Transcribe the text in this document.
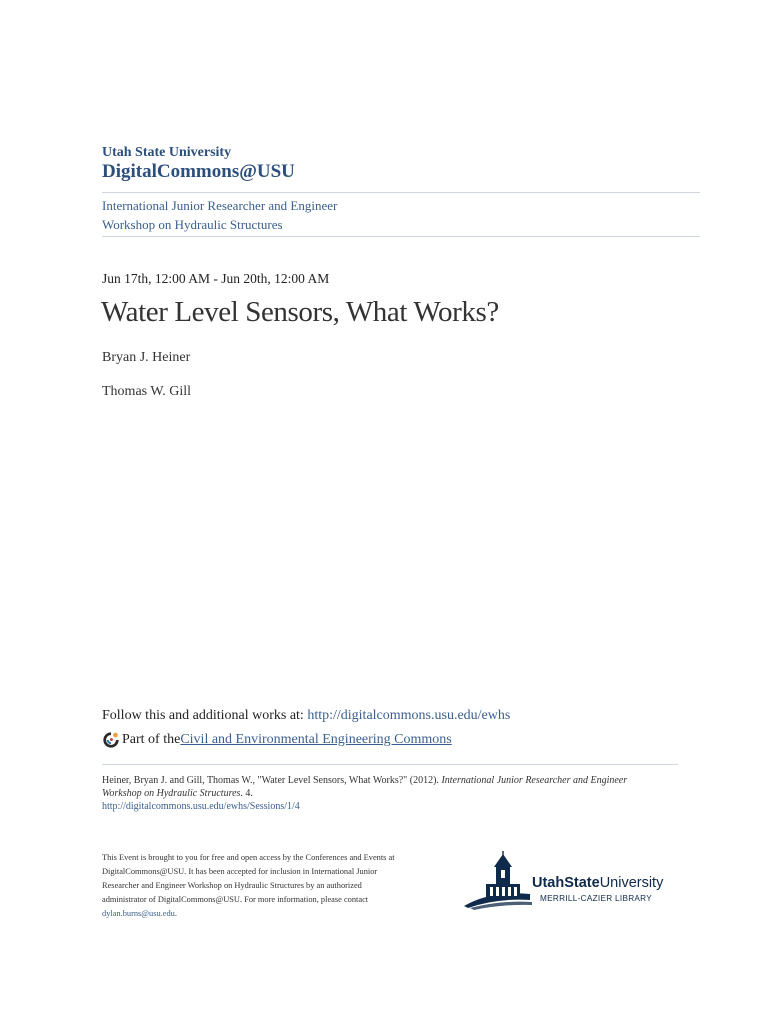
Utah State University
DigitalCommons@USU
International Junior Researcher and Engineer
Workshop on Hydraulic Structures
Jun 17th, 12:00 AM - Jun 20th, 12:00 AM
Water Level Sensors, What Works?
Bryan J. Heiner
Thomas W. Gill
Follow this and additional works at: http://digitalcommons.usu.edu/ewhs
Part of the Civil and Environmental Engineering Commons
Heiner, Bryan J. and Gill, Thomas W., "Water Level Sensors, What Works?" (2012). International Junior Researcher and Engineer Workshop on Hydraulic Structures. 4.
http://digitalcommons.usu.edu/ewhs/Sessions/1/4
This Event is brought to you for free and open access by the Conferences and Events at DigitalCommons@USU. It has been accepted for inclusion in International Junior Researcher and Engineer Workshop on Hydraulic Structures by an authorized administrator of DigitalCommons@USU. For more information, please contact dylan.burns@usu.edu.
UtahStateUniversity
MERRILL-CAZIER LIBRARY
